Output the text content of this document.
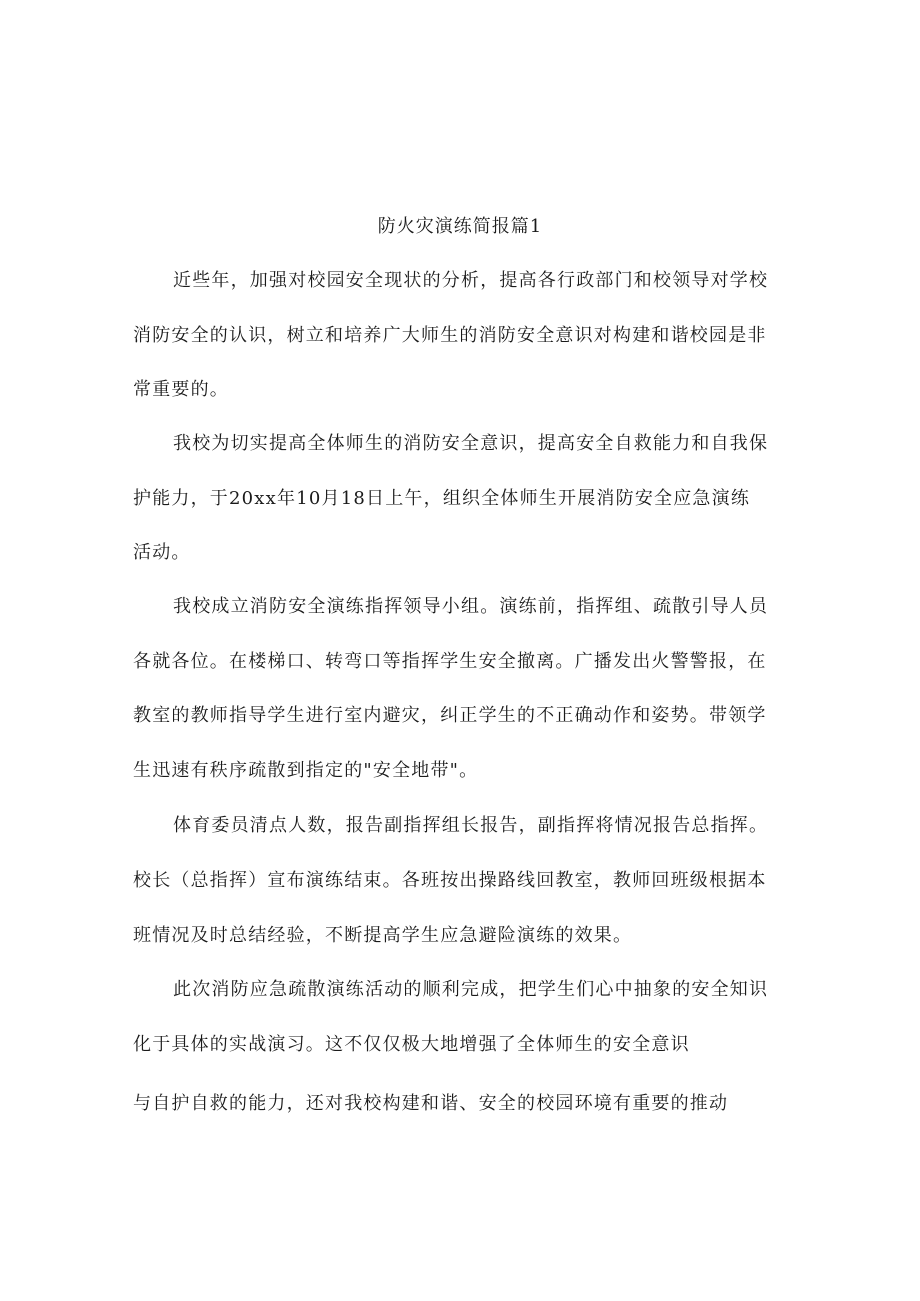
防火灾演练简报篇1
近些年，加强对校园安全现状的分析，提高各行政部门和校领导对学校
消防安全的认识，树立和培养广大师生的消防安全意识对构建和谐校园是非
常重要的。
我校为切实提高全体师生的消防安全意识，提高安全自救能力和自我保
护能力，于20xx年10月18日上午，组织全体师生开展消防安全应急演练
活动。
我校成立消防安全演练指挥领导小组。演练前，指挥组、疏散引导人员
各就各位。在楼梯口、转弯口等指挥学生安全撤离。广播发出火警警报，在
教室的教师指导学生进行室内避灾，纠正学生的不正确动作和姿势。带领学
生迅速有秩序疏散到指定的"安全地带"。
体育委员清点人数，报告副指挥组长报告，副指挥将情况报告总指挥。
校长（总指挥）宣布演练结束。各班按出操路线回教室，教师回班级根据本
班情况及时总结经验，不断提高学生应急避险演练的效果。
此次消防应急疏散演练活动的顺利完成，把学生们心中抽象的安全知识
化于具体的实战演习。这不仅仅极大地增强了全体师生的安全意识
与自护自救的能力，还对我校构建和谐、安全的校园环境有重要的推动
